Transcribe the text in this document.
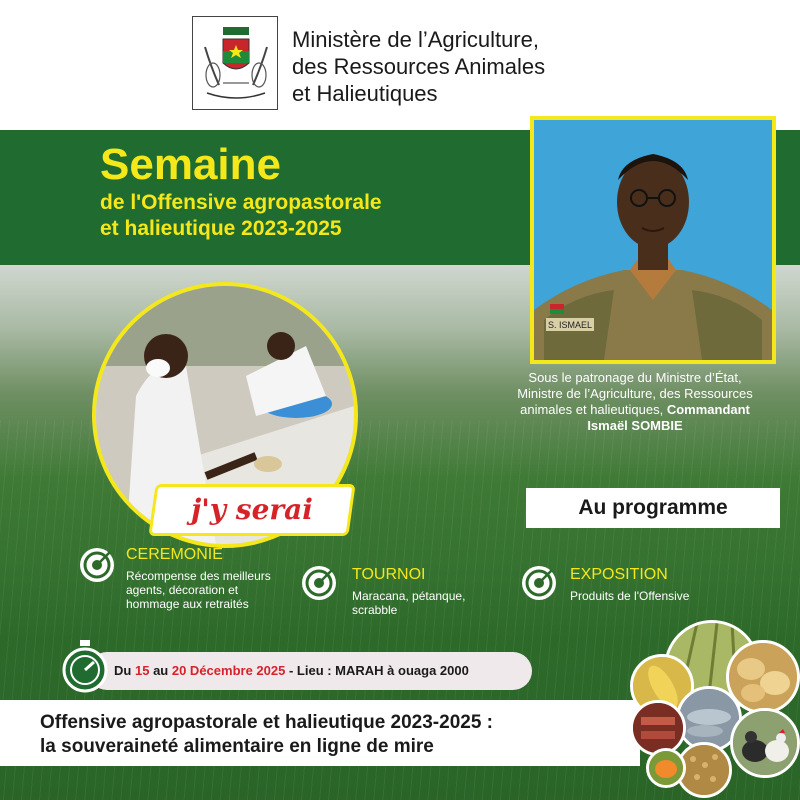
Ministère de l’Agriculture,
des Ressources Animales
et Halieutiques
Semaine
de l'Offensive agropastorale
et halieutique 2023-2025
S. ISMAEL
Sous le patronage du Ministre d’État,
Ministre de l’Agriculture, des Ressources
animales et halieutiques, Commandant
Ismaël SOMBIE
j'y serai	Au programme
CEREMONIE
Récompense des meilleurs
agents, décoration et
hommage aux retraités
TOURNOI
Maracana, pétanque,
scrabble
EXPOSITION
Produits de l'Offensive
Du 15 au 20 Décembre 2025 - Lieu : MARAH à ouaga 2000
Offensive agropastorale et halieutique 2023-2025 :
la souveraineté alimentaire en ligne de mire
